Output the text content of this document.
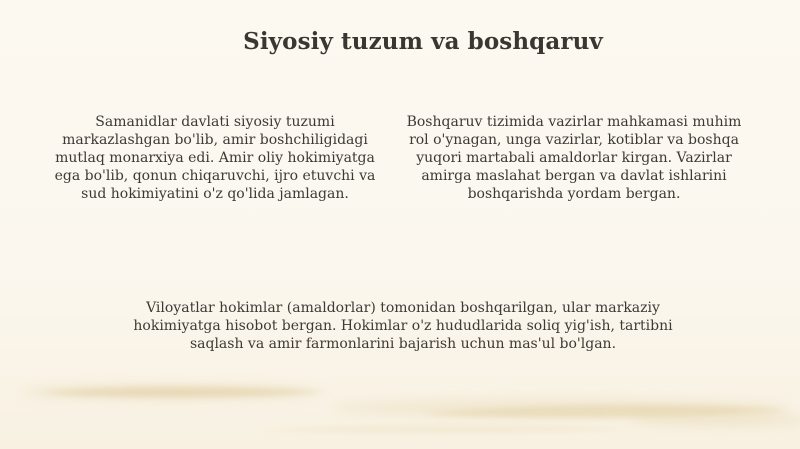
Siyosiy tuzum va boshqaruv
Samanidlar davlati siyosiy tuzumi markazlashgan bo'lib, amir boshchiligidagi mutlaq monarxiya edi. Amir oliy hokimiyatga ega bo'lib, qonun chiqaruvchi, ijro etuvchi va sud hokimiyatini o'z qo'lida jamlagan.
Boshqaruv tizimida vazirlar mahkamasi muhim rol o'ynagan, unga vazirlar, kotiblar va boshqa yuqori martabali amaldorlar kirgan. Vazirlar amirga maslahat bergan va davlat ishlarini boshqarishda yordam bergan.
Viloyatlar hokimlar (amaldorlar) tomonidan boshqarilgan, ular markaziy hokimiyatga hisobot bergan. Hokimlar o'z hududlarida soliq yig'ish, tartibni saqlash va amir farmonlarini bajarish uchun mas'ul bo'lgan.
